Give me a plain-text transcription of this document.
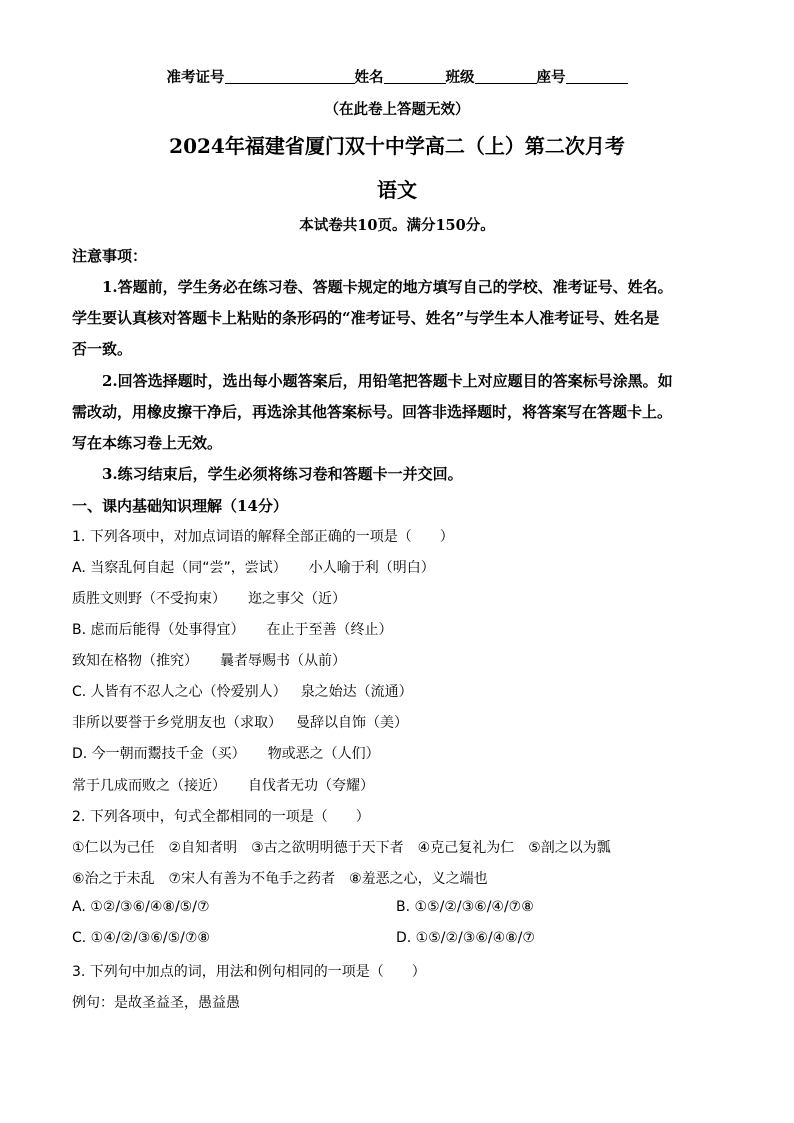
准考证号	姓名	班级	座号
（在此卷上答题无效）
2024年福建省厦门双十中学高二（上）第二次月考
语文
本试卷共10页。满分150分。
注意事项：
1.答题前，学生务必在练习卷、答题卡规定的地方填写自己的学校、准考证号、姓名。
学生要认真核对答题卡上粘贴的条形码的“准考证号、姓名”与学生本人准考证号、姓名是
否一致。
2.回答选择题时，选出每小题答案后，用铅笔把答题卡上对应题目的答案标号涂黑。如
需改动，用橡皮擦干净后，再选涂其他答案标号。回答非选择题时，将答案写在答题卡上。
写在本练习卷上无效。
3.练习结束后，学生必须将练习卷和答题卡一并交回。
一、课内基础知识理解（14分）
1. 下列各项中，对加点词语的解释全部正确的一项是（　　）
A. 当察乱何自起（同“尝”，尝试） 小人喻于利（明白）
质胜文则野（不受拘束） 迩之事父（近）
B. 虑而后能得（处事得宜） 在止于至善（终止）
致知在格物（推究） 曩者辱赐书（从前）
C. 人皆有不忍人之心（怜爱别人） 泉之始达（流通）
非所以要誉于乡党朋友也（求取） 曼辞以自饰（美）
D. 今一朝而鬻技千金（买） 物或恶之（人们）
常于几成而败之（接近） 自伐者无功（夸耀）
2. 下列各项中，句式全都相同的一项是（　　）
①仁以为己任　②自知者明　③古之欲明明德于天下者　④克己复礼为仁　⑤剖之以为瓢
⑥治之于未乱　⑦宋人有善为不龟手之药者　⑧羞恶之心，义之端也
A. ①②/③⑥/④⑧/⑤/⑦	B. ①⑤/②/③⑥/④/⑦⑧
C. ①④/②/③⑥/⑤/⑦⑧	D. ①⑤/②/③⑥/④⑧/⑦
3. 下列句中加点的词，用法和例句相同的一项是（　　）
例句：是故圣益圣，愚益愚
